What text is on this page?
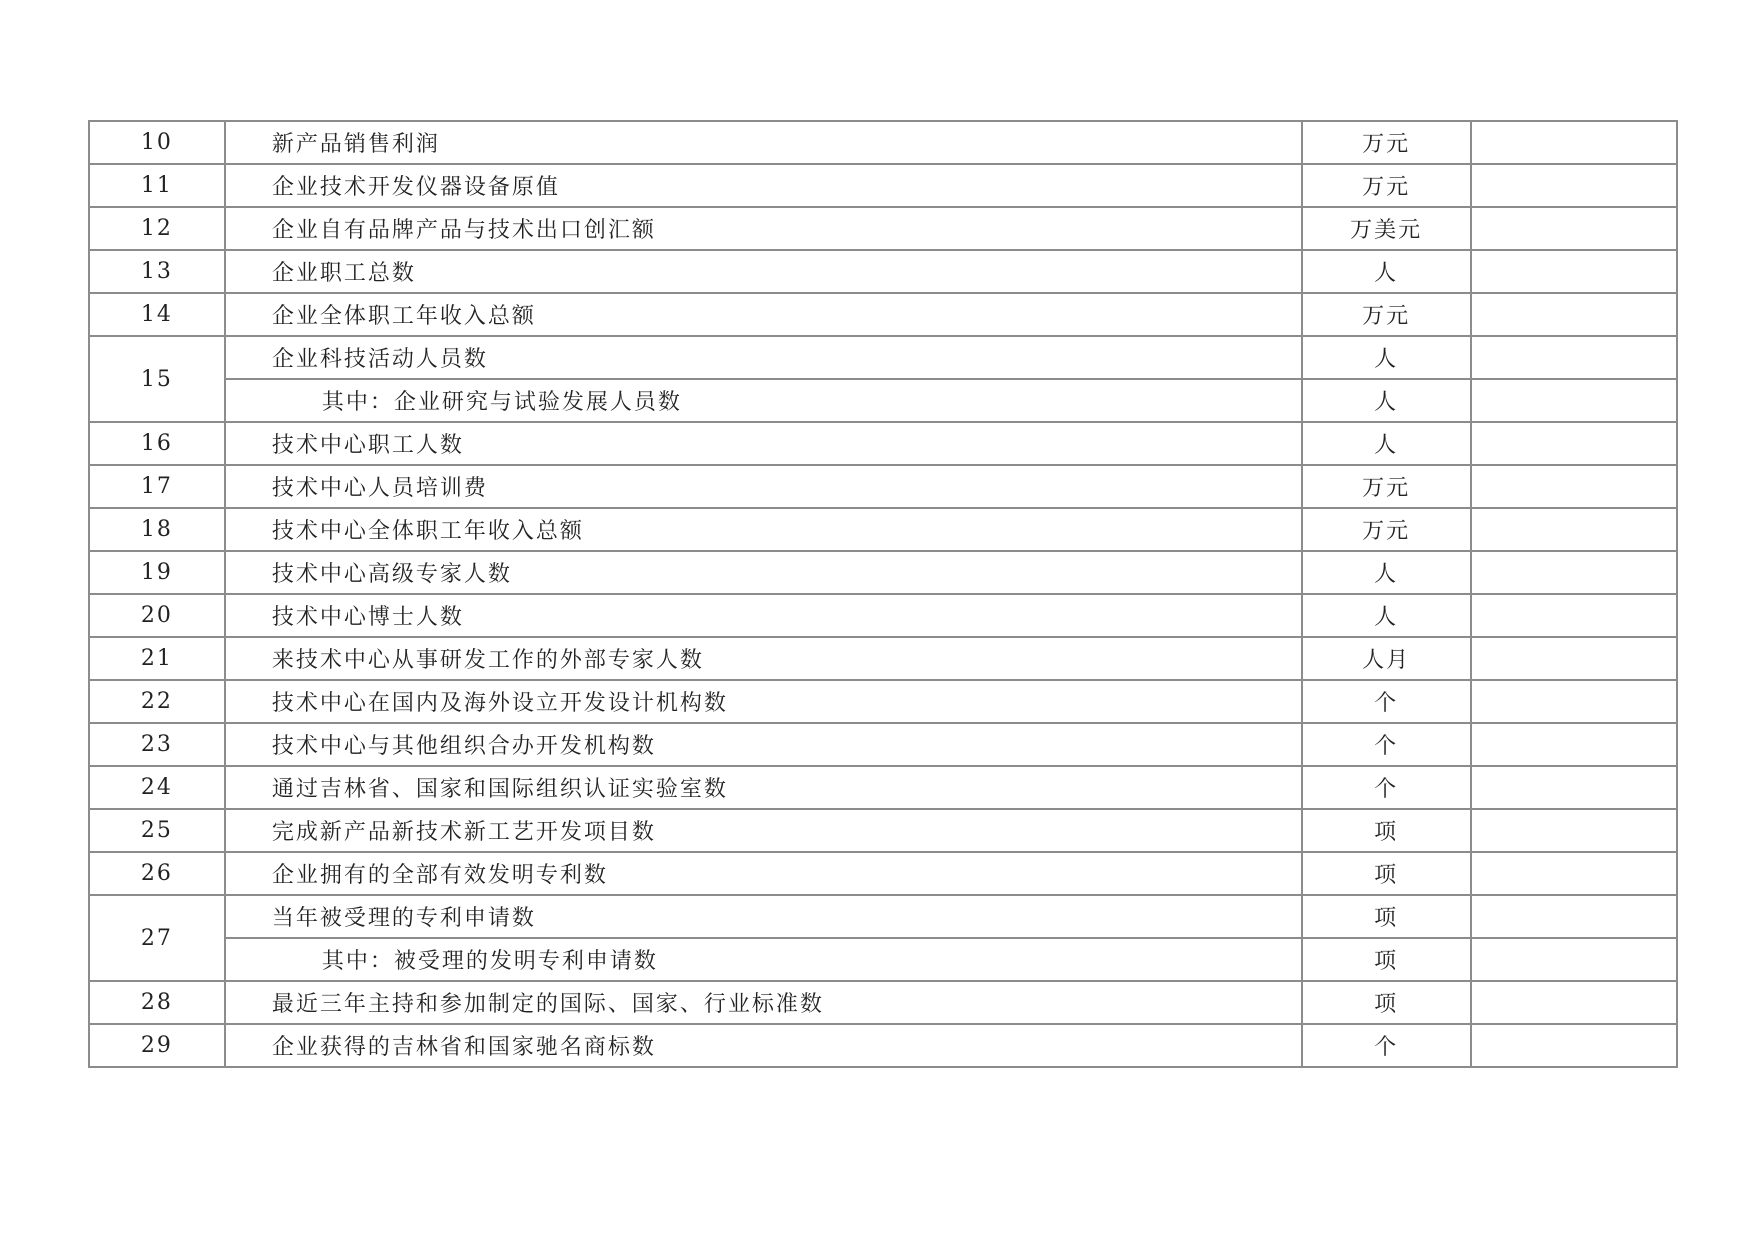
10	新产品销售利润	万元	
11	企业技术开发仪器设备原值	万元	
12	企业自有品牌产品与技术出口创汇额	万美元	
13	企业职工总数	人	
14	企业全体职工年收入总额	万元	
15	企业科技活动人员数	人	
	其中：企业研究与试验发展人员数	人	
16	技术中心职工人数	人	
17	技术中心人员培训费	万元	
18	技术中心全体职工年收入总额	万元	
19	技术中心高级专家人数	人	
20	技术中心博士人数	人	
21	来技术中心从事研发工作的外部专家人数	人月	
22	技术中心在国内及海外设立开发设计机构数	个	
23	技术中心与其他组织合办开发机构数	个	
24	通过吉林省、国家和国际组织认证实验室数	个	
25	完成新产品新技术新工艺开发项目数	项	
26	企业拥有的全部有效发明专利数	项	
27	当年被受理的专利申请数	项	
	其中：被受理的发明专利申请数	项	
28	最近三年主持和参加制定的国际、国家、行业标准数	项	
29	企业获得的吉林省和国家驰名商标数	个	
